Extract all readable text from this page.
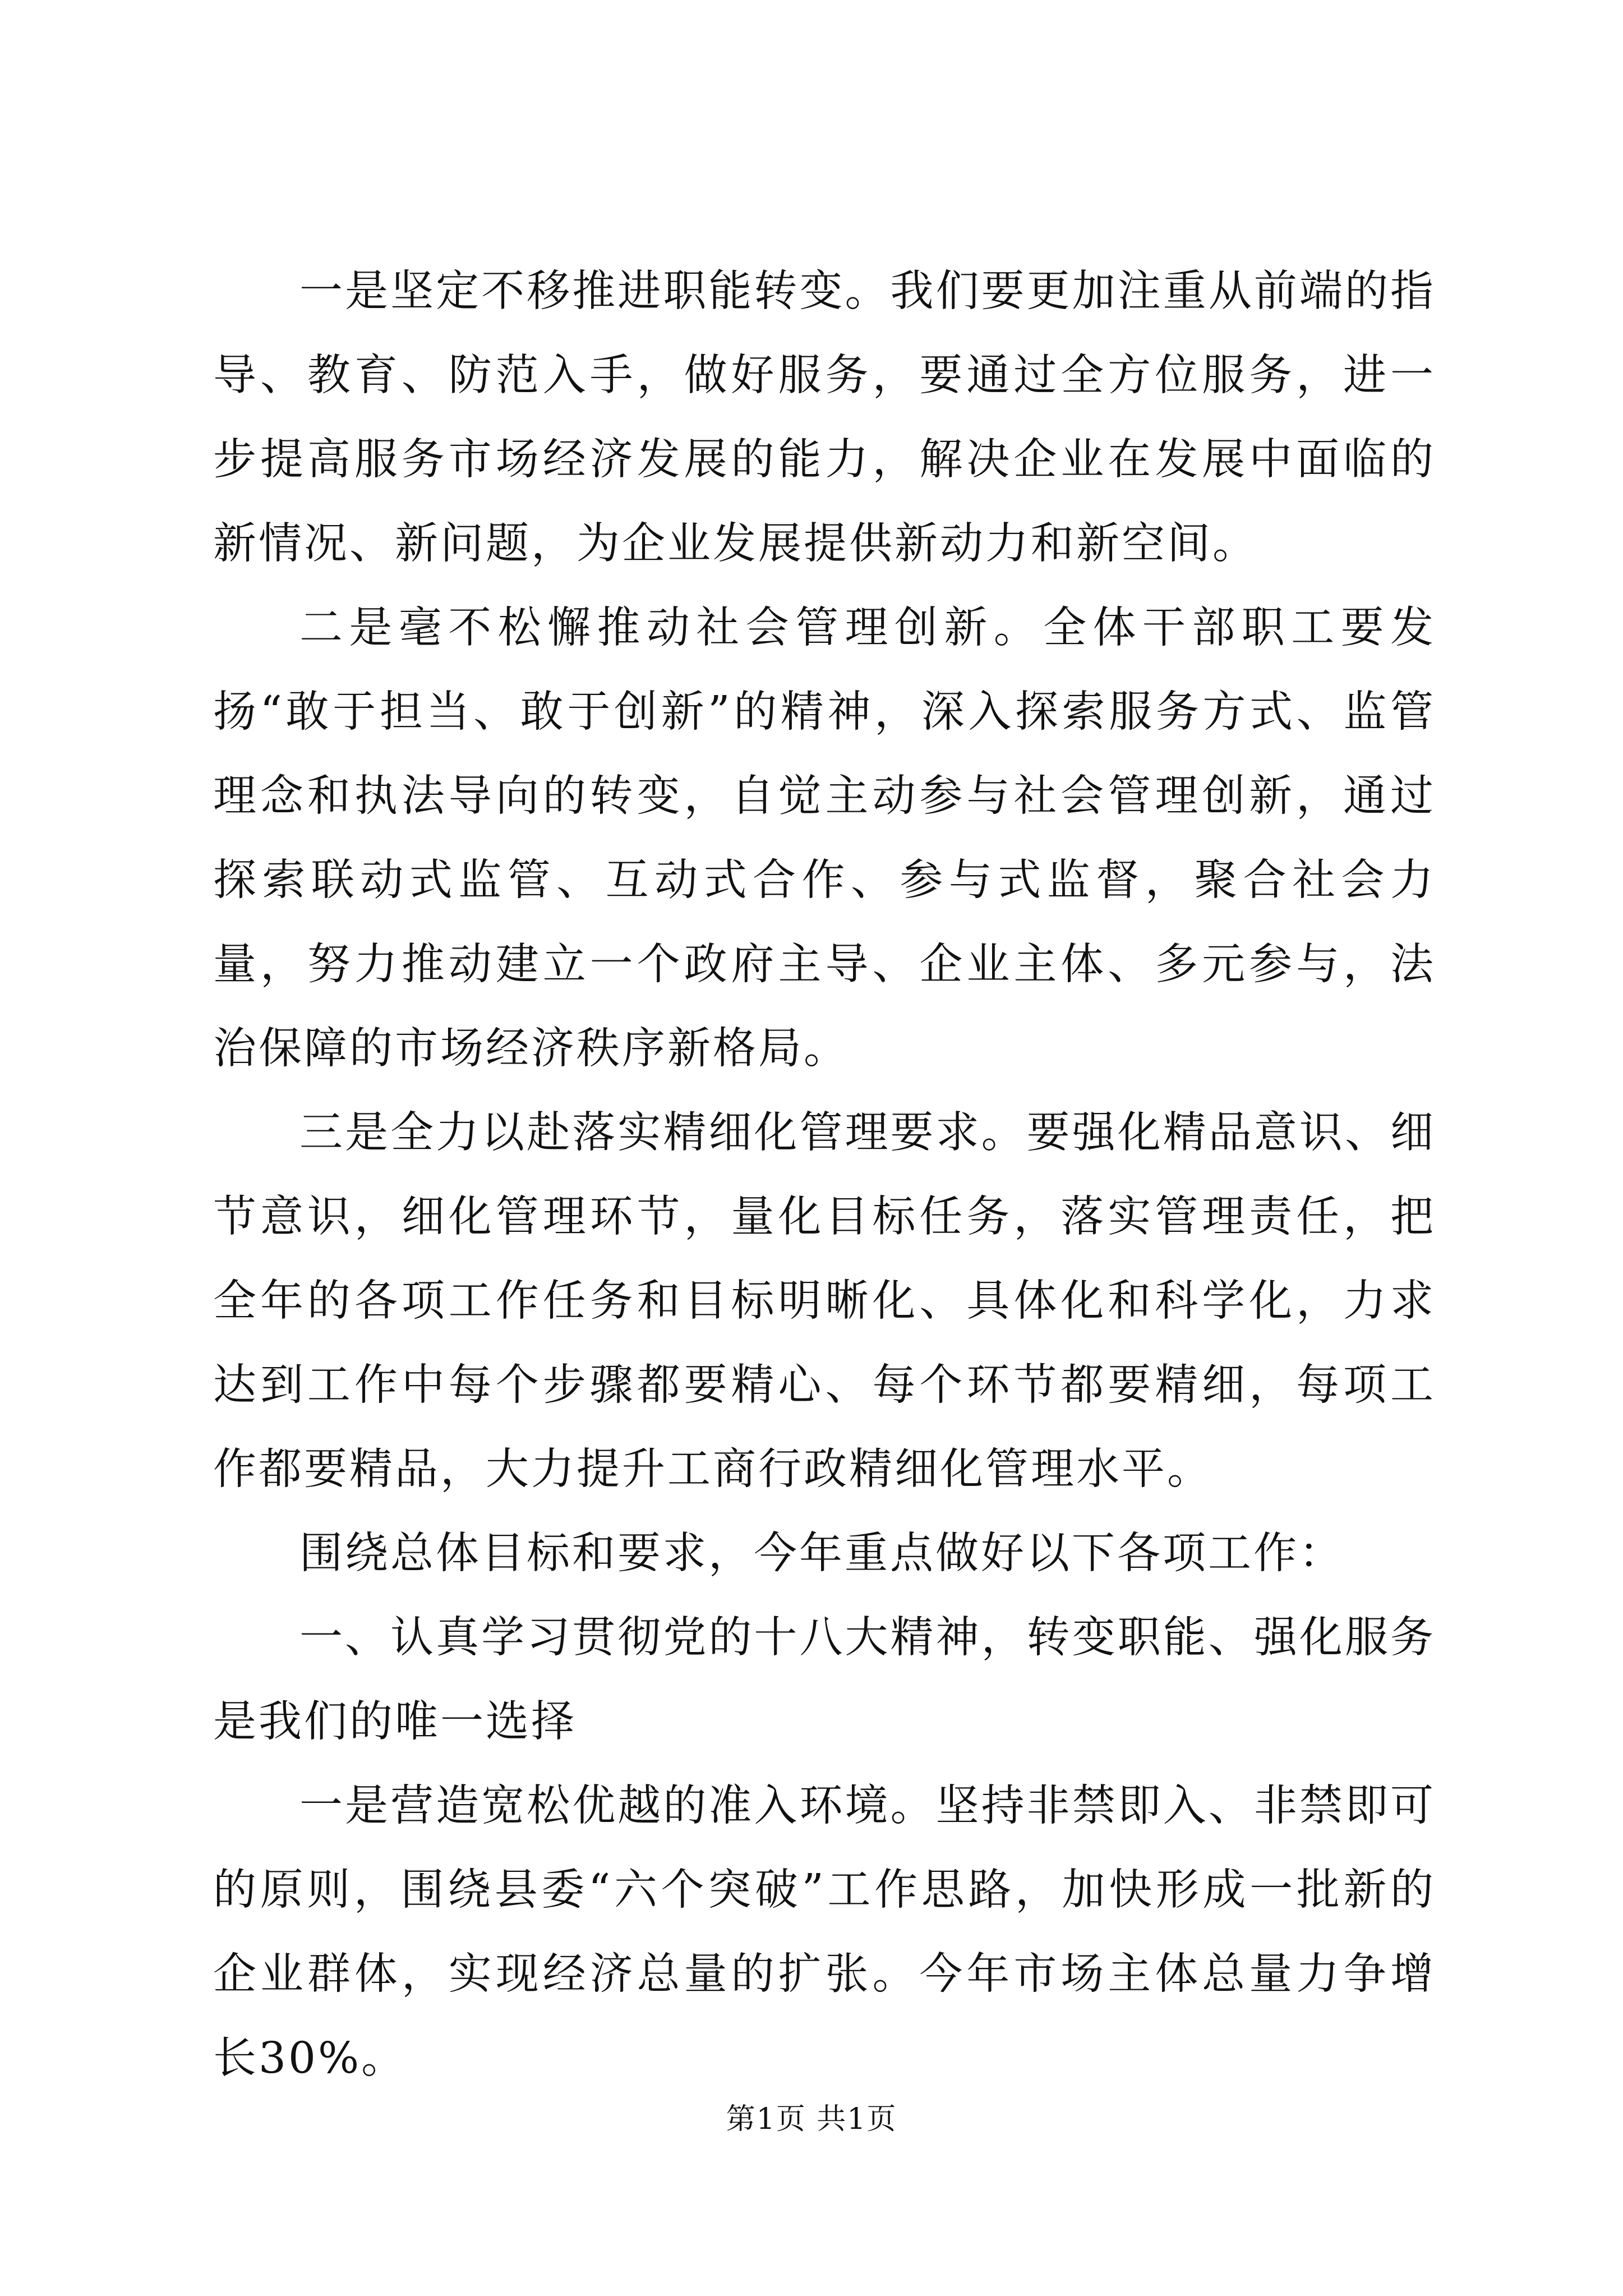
一是坚定不移推进职能转变。我们要更加注重从前端的指导、教育、防范入手，做好服务，要通过全方位服务，进一步提高服务市场经济发展的能力，解决企业在发展中面临的新情况、新问题，为企业发展提供新动力和新空间。

二是毫不松懈推动社会管理创新。全体干部职工要发扬“敢于担当、敢于创新”的精神，深入探索服务方式、监管理念和执法导向的转变，自觉主动参与社会管理创新，通过探索联动式监管、互动式合作、参与式监督，聚合社会力量，努力推动建立一个政府主导、企业主体、多元参与，法治保障的市场经济秩序新格局。

三是全力以赴落实精细化管理要求。要强化精品意识、细节意识，细化管理环节，量化目标任务，落实管理责任，把全年的各项工作任务和目标明晰化、具体化和科学化，力求达到工作中每个步骤都要精心、每个环节都要精细，每项工作都要精品，大力提升工商行政精细化管理水平。

围绕总体目标和要求，今年重点做好以下各项工作：

一、认真学习贯彻党的十八大精神，转变职能、强化服务是我们的唯一选择

一是营造宽松优越的准入环境。坚持非禁即入、非禁即可的原则，围绕县委“六个突破”工作思路，加快形成一批新的企业群体，实现经济总量的扩张。今年市场主体总量力争增长30%。

第1页 共1页
